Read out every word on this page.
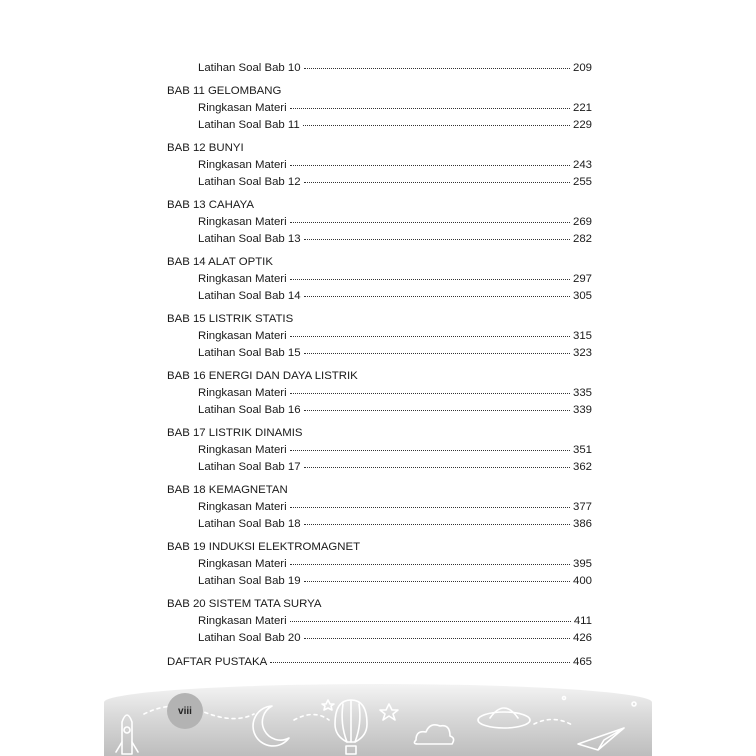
Latihan Soal Bab 10	209
BAB 11 GELOMBANG
Ringkasan Materi	221
Latihan Soal Bab 11	229
BAB 12 BUNYI
Ringkasan Materi	243
Latihan Soal Bab 12	255
BAB 13 CAHAYA
Ringkasan Materi	269
Latihan Soal Bab 13	282
BAB 14 ALAT OPTIK
Ringkasan Materi	297
Latihan Soal Bab 14	305
BAB 15 LISTRIK STATIS
Ringkasan Materi	315
Latihan Soal Bab 15	323
BAB 16 ENERGI DAN DAYA LISTRIK
Ringkasan Materi	335
Latihan Soal Bab 16	339
BAB 17 LISTRIK DINAMIS
Ringkasan Materi	351
Latihan Soal Bab 17	362
BAB 18 KEMAGNETAN
Ringkasan Materi	377
Latihan Soal Bab 18	386
BAB 19 INDUKSI ELEKTROMAGNET
Ringkasan Materi	395
Latihan Soal Bab 19	400
BAB 20 SISTEM TATA SURYA
Ringkasan Materi	411
Latihan Soal Bab 20	426
DAFTAR PUSTAKA	465
viii
